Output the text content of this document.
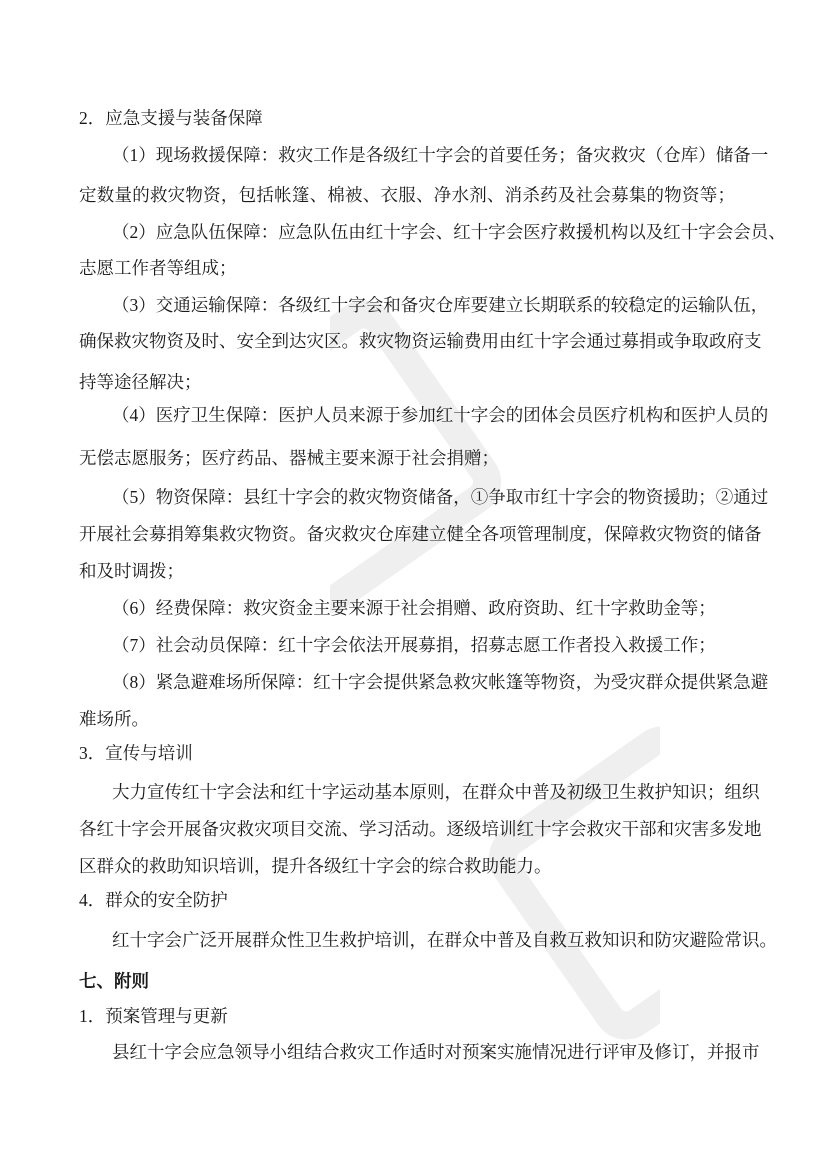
2．应急支援与装备保障
（1）现场救援保障：救灾工作是各级红十字会的首要任务；备灾救灾（仓库）储备一
定数量的救灾物资，包括帐篷、棉被、衣服、净水剂、消杀药及社会募集的物资等；
（2）应急队伍保障：应急队伍由红十字会、红十字会医疗救援机构以及红十字会会员、
志愿工作者等组成；
（3）交通运输保障：各级红十字会和备灾仓库要建立长期联系的较稳定的运输队伍，
确保救灾物资及时、安全到达灾区。救灾物资运输费用由红十字会通过募捐或争取政府支
持等途径解决；
（4）医疗卫生保障：医护人员来源于参加红十字会的团体会员医疗机构和医护人员的
无偿志愿服务；医疗药品、器械主要来源于社会捐赠；
（5）物资保障：县红十字会的救灾物资储备，①争取市红十字会的物资援助；②通过
开展社会募捐筹集救灾物资。备灾救灾仓库建立健全各项管理制度，保障救灾物资的储备
和及时调拨；
（6）经费保障：救灾资金主要来源于社会捐赠、政府资助、红十字救助金等；
（7）社会动员保障：红十字会依法开展募捐，招募志愿工作者投入救援工作；
（8）紧急避难场所保障：红十字会提供紧急救灾帐篷等物资，为受灾群众提供紧急避
难场所。
3．宣传与培训
大力宣传红十字会法和红十字运动基本原则，在群众中普及初级卫生救护知识；组织
各红十字会开展备灾救灾项目交流、学习活动。逐级培训红十字会救灾干部和灾害多发地
区群众的救助知识培训，提升各级红十字会的综合救助能力。
4．群众的安全防护
红十字会广泛开展群众性卫生救护培训，在群众中普及自救互救知识和防灾避险常识。
七、附则
1．预案管理与更新
县红十字会应急领导小组结合救灾工作适时对预案实施情况进行评审及修订，并报市
